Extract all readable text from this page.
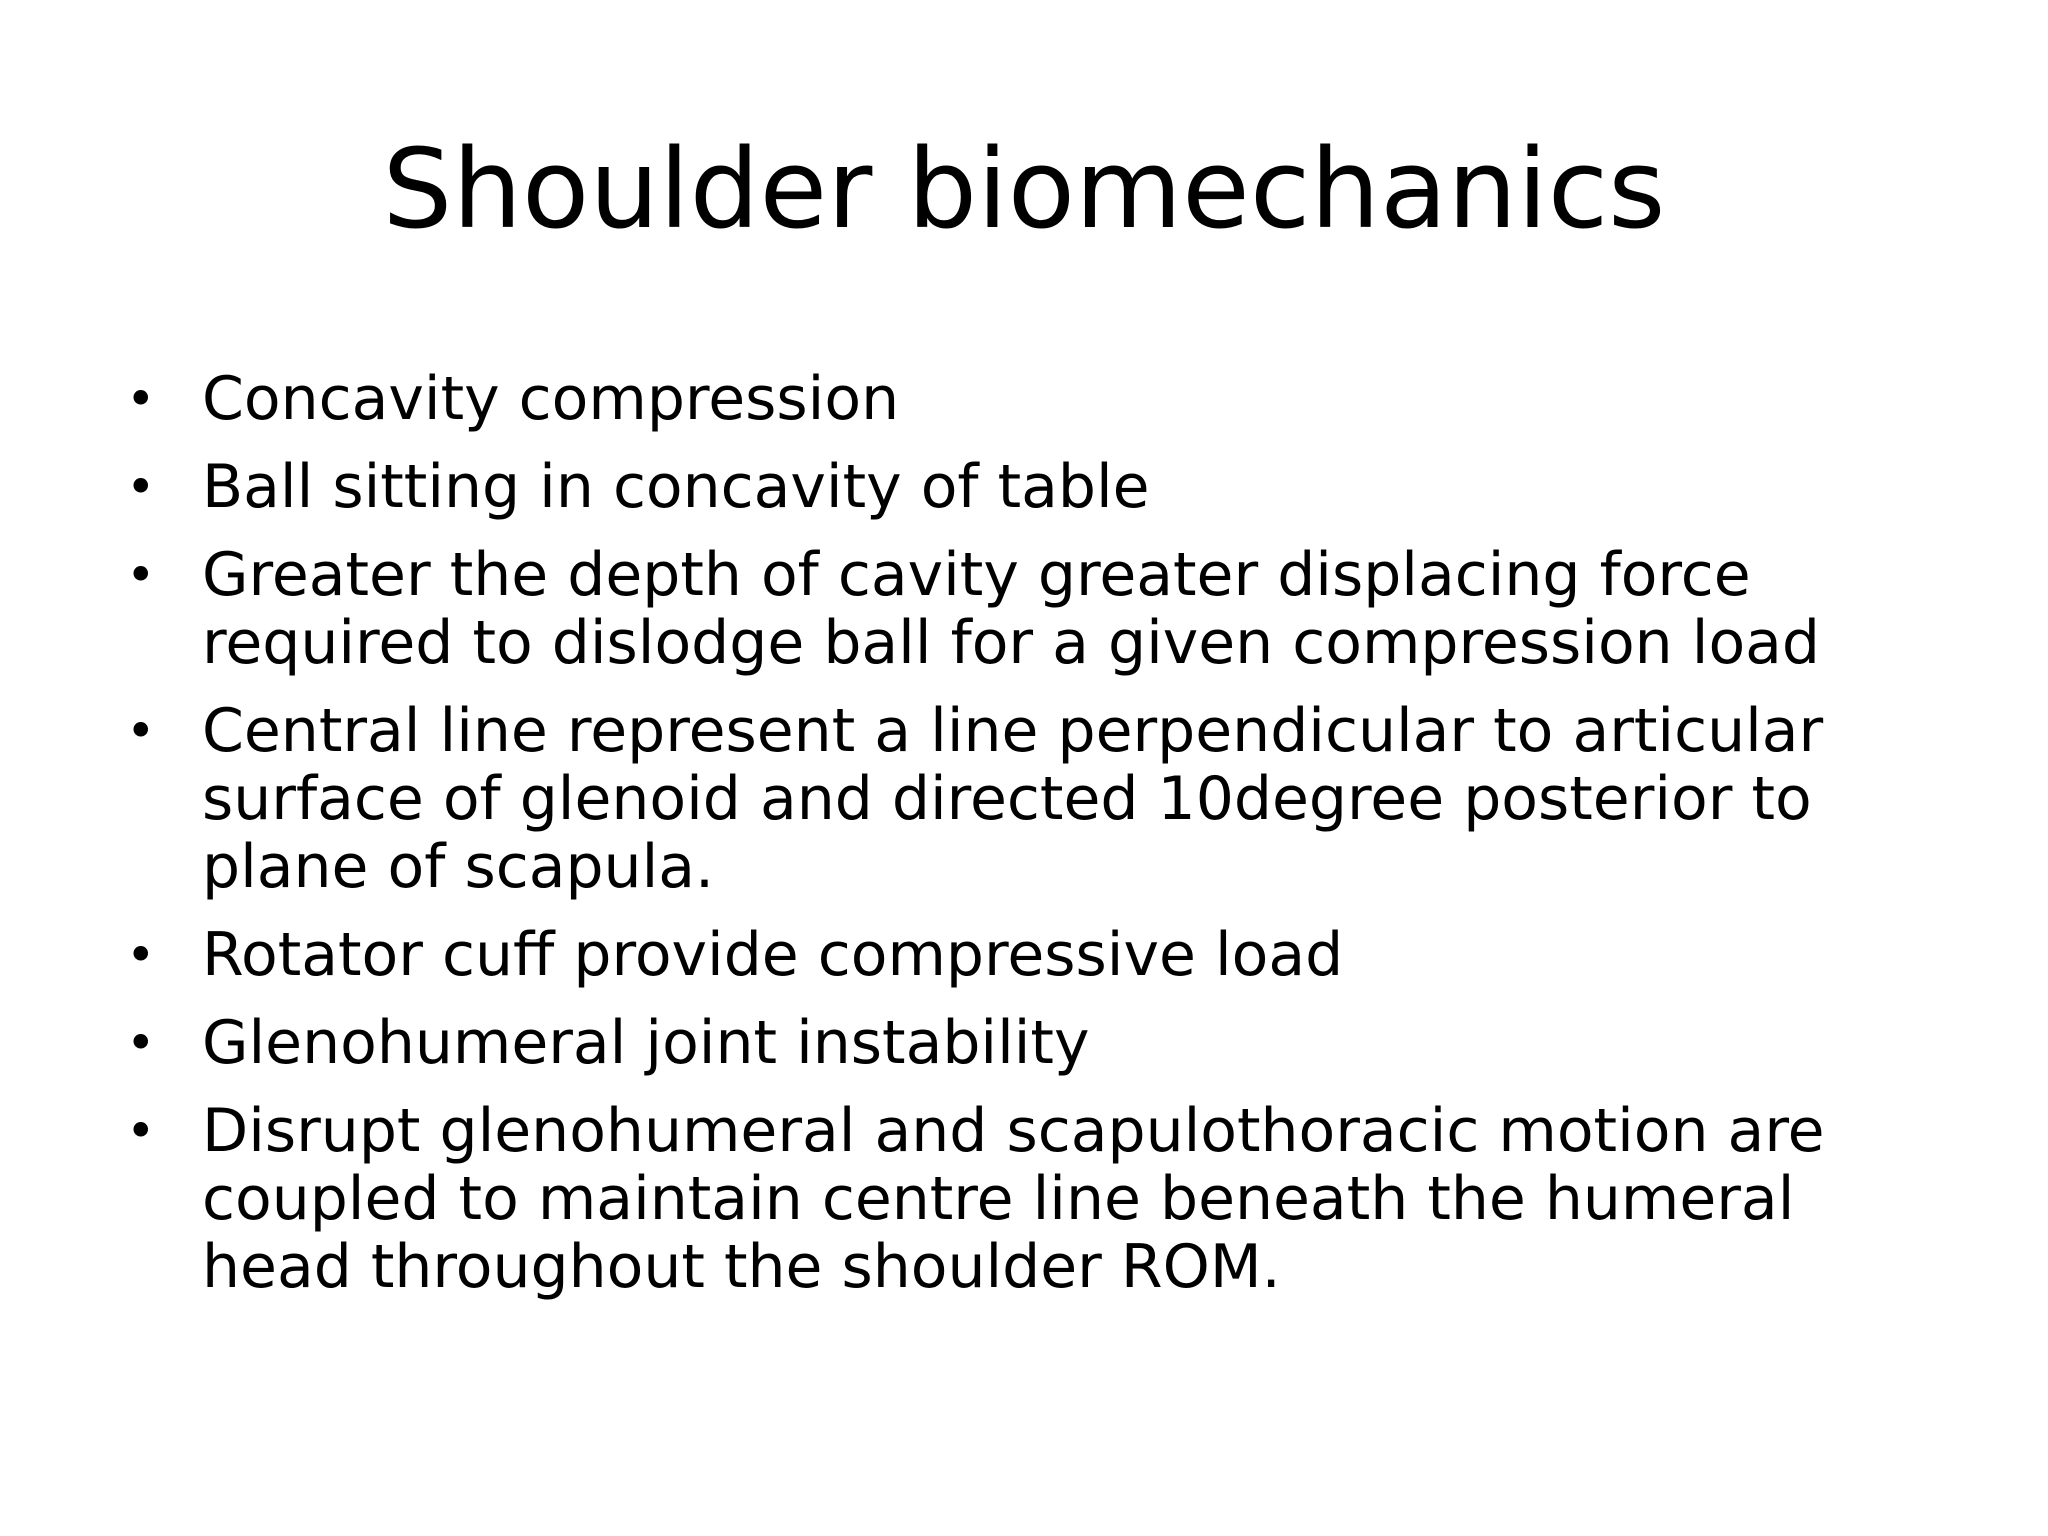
Shoulder biomechanics
• Concavity compression
• Ball sitting in concavity of table
• Greater the depth of cavity greater displacing force required to dislodge ball for a given compression load
• Central line represent a line perpendicular to articular surface of glenoid and directed 10degree posterior to plane of scapula.
• Rotator cuff provide compressive load
• Glenohumeral joint instability
• Disrupt glenohumeral and scapulothoracic motion are coupled to maintain centre line beneath the humeral head throughout the shoulder ROM.
